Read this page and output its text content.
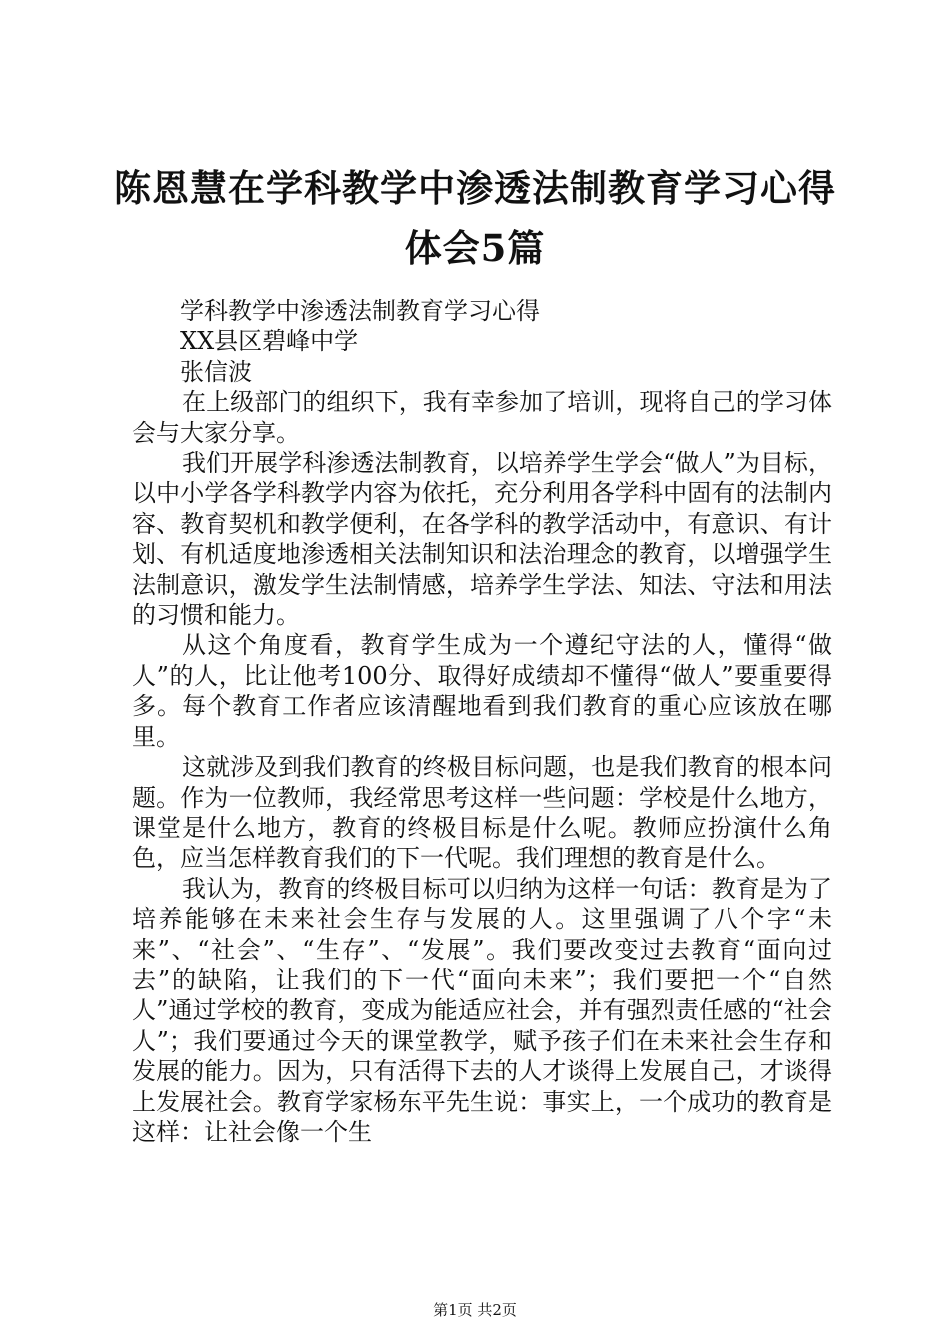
陈恩慧在学科教学中渗透法制教育学习心得体会5篇

学科教学中渗透法制教育学习心得

XX县区碧峰中学

张信波

在上级部门的组织下，我有幸参加了培训，现将自己的学习体会与大家分享。

我们开展学科渗透法制教育，以培养学生学会“做人”为目标，以中小学各学科教学内容为依托，充分利用各学科中固有的法制内容、教育契机和教学便利，在各学科的教学活动中，有意识、有计划、有机适度地渗透相关法制知识和法治理念的教育，以增强学生法制意识，激发学生法制情感，培养学生学法、知法、守法和用法的习惯和能力。

从这个角度看，教育学生成为一个遵纪守法的人，懂得“做人”的人，比让他考100分、取得好成绩却不懂得“做人”要重要得多。每个教育工作者应该清醒地看到我们教育的重心应该放在哪里。

这就涉及到我们教育的终极目标问题，也是我们教育的根本问题。作为一位教师，我经常思考这样一些问题：学校是什么地方，课堂是什么地方，教育的终极目标是什么呢。教师应扮演什么角色，应当怎样教育我们的下一代呢。我们理想的教育是什么。

我认为，教育的终极目标可以归纳为这样一句话：教育是为了培养能够在未来社会生存与发展的人。这里强调了八个字“未来”、“社会”、“生存”、“发展”。我们要改变过去教育“面向过去”的缺陷，让我们的下一代“面向未来”；我们要把一个“自然人”通过学校的教育，变成为能适应社会，并有强烈责任感的“社会人”；我们要通过今天的课堂教学，赋予孩子们在未来社会生存和发展的能力。因为，只有活得下去的人才谈得上发展自己，才谈得上发展社会。教育学家杨东平先生说：事实上，一个成功的教育是这样：让社会像一个生

第1页 共2页
